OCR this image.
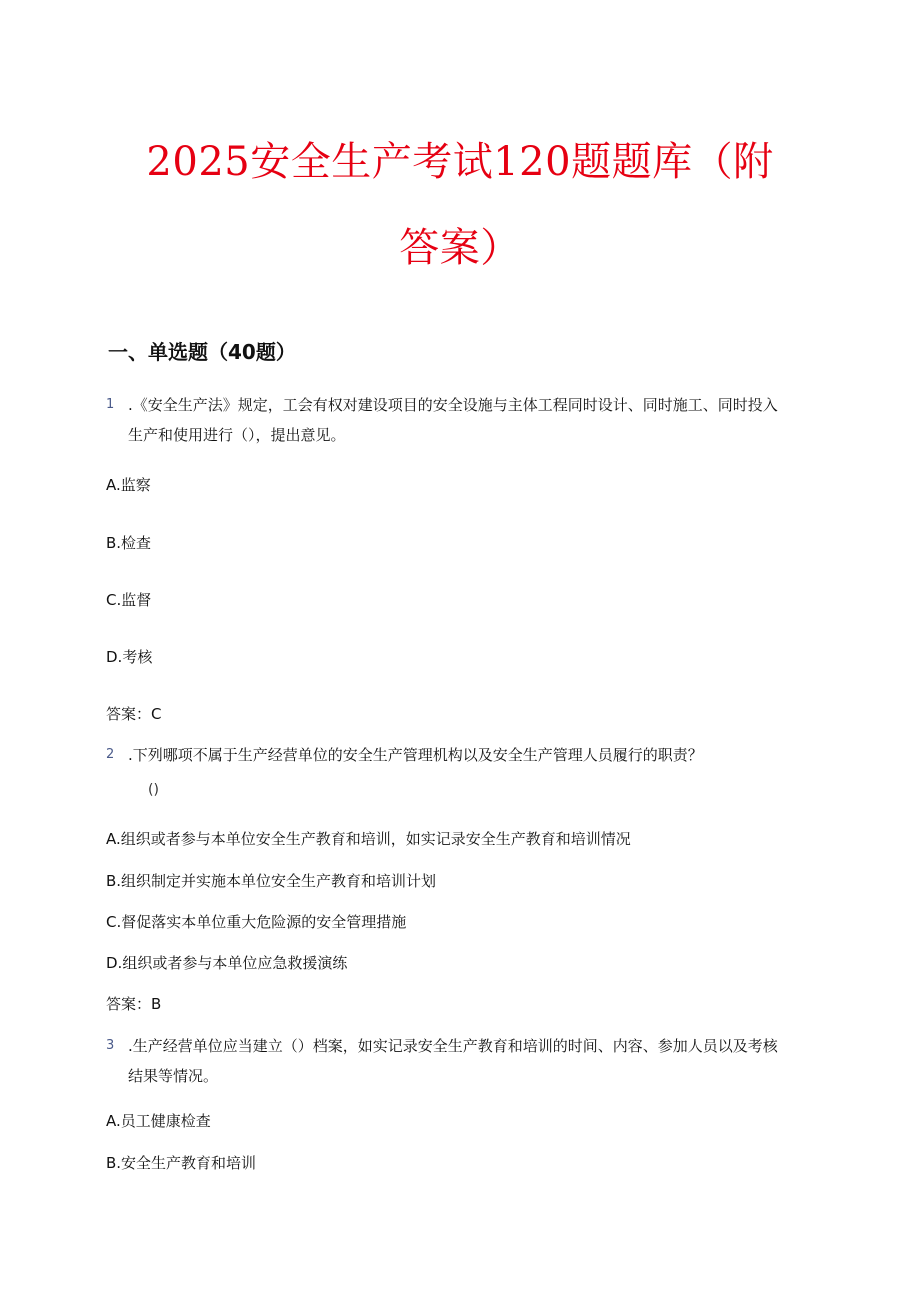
2025安全生产考试120题题库（附
答案）
一、单选题（40题）
1 .《安全生产法》规定，工会有权对建设项目的安全设施与主体工程同时设计、同时施工、同时投入
生产和使用进行（），提出意见。
A.监察
B.检查
C.监督
D.考核
答案：C
2 .下列哪项不属于生产经营单位的安全生产管理机构以及安全生产管理人员履行的职责？
()
A.组织或者参与本单位安全生产教育和培训，如实记录安全生产教育和培训情况
B.组织制定并实施本单位安全生产教育和培训计划
C.督促落实本单位重大危险源的安全管理措施
D.组织或者参与本单位应急救援演练
答案：B
3 .生产经营单位应当建立（）档案，如实记录安全生产教育和培训的时间、内容、参加人员以及考核
结果等情况。
A.员工健康检查
B.安全生产教育和培训
